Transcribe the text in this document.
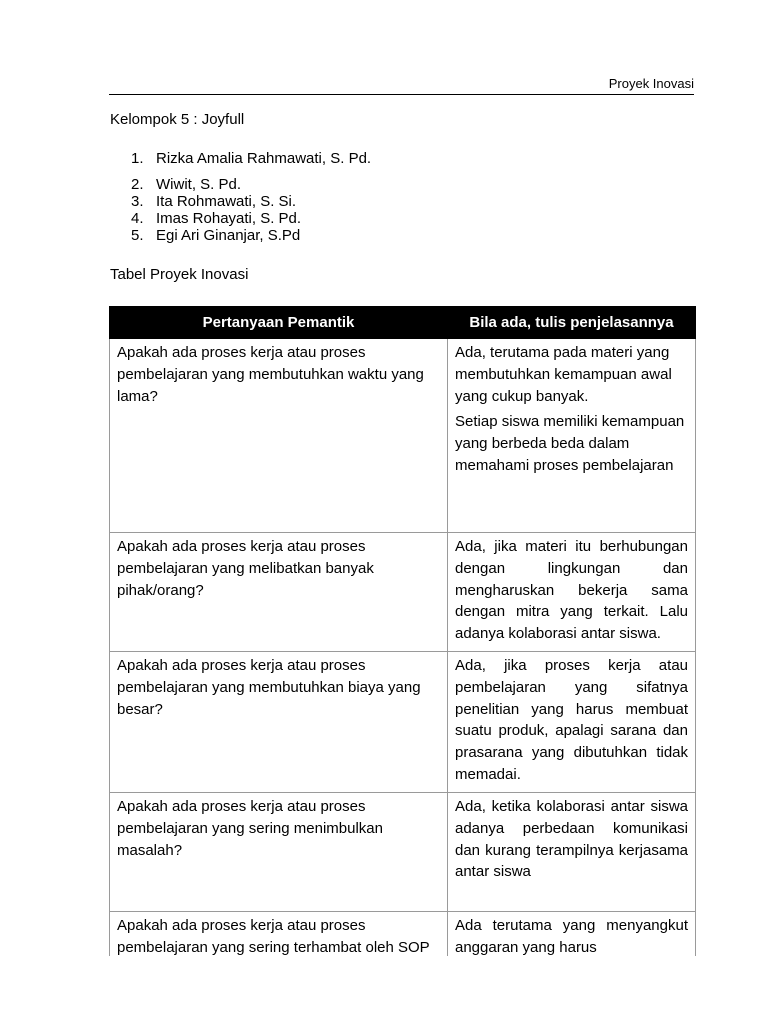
Proyek Inovasi
Kelompok 5 : Joyfull
1. Rizka Amalia Rahmawati, S. Pd.
2. Wiwit, S. Pd.
3. Ita Rohmawati, S. Si.
4. Imas Rohayati, S. Pd.
5. Egi Ari Ginanjar, S.Pd
Tabel Proyek Inovasi
Pertanyaan Pemantik	Bila ada, tulis penjelasannya

Apakah ada proses kerja atau proses pembelajaran yang membutuhkan waktu yang lama?	Ada, terutama pada materi yang membutuhkan kemampuan awal yang cukup banyak.

Setiap siswa memiliki kemampuan yang berbeda beda dalam memahami proses pembelajaran

Apakah ada proses kerja atau proses pembelajaran yang melibatkan banyak pihak/orang?	Ada, jika materi itu berhubungan dengan lingkungan dan mengharuskan bekerja sama dengan mitra yang terkait. Lalu adanya kolaborasi antar siswa.

Apakah ada proses kerja atau proses pembelajaran yang membutuhkan biaya yang besar?	Ada, jika proses kerja atau pembelajaran yang sifatnya penelitian yang harus membuat suatu produk, apalagi sarana dan prasarana yang dibutuhkan tidak memadai.

Apakah ada proses kerja atau proses pembelajaran yang sering menimbulkan masalah?	Ada, ketika kolaborasi antar siswa adanya perbedaan komunikasi dan kurang terampilnya kerjasama antar siswa

Apakah ada proses kerja atau proses pembelajaran yang sering terhambat oleh SOP	Ada terutama yang menyangkut anggaran yang harus
